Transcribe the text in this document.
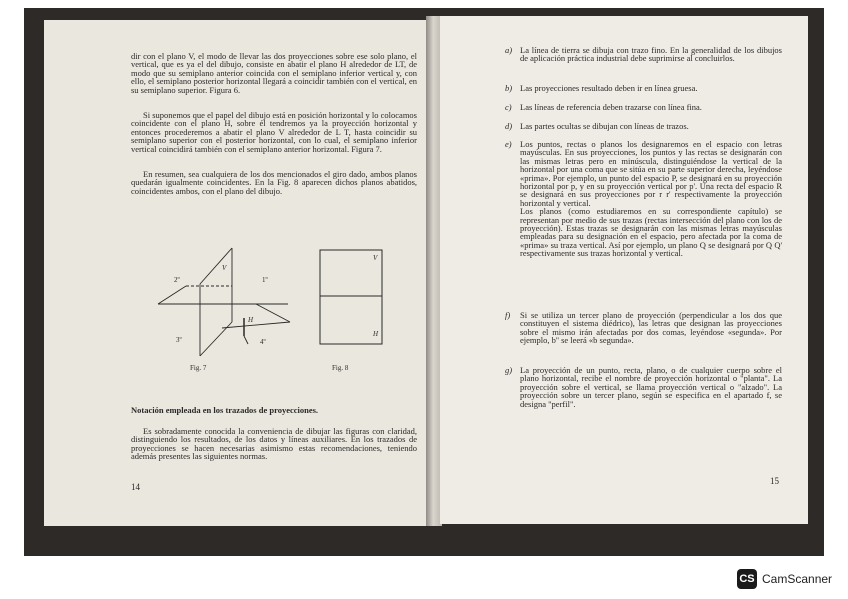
dir con el plano V, el modo de llevar las dos proyecciones sobre ese solo plano, el vertical, que es ya el del dibujo, consiste en abatir el plano H alrededor de LT, de modo que su semiplano anterior coincida con el semiplano inferior vertical y, con ello, el semiplano posterior horizontal llegará a coincidir también con el vertical, en su semiplano superior. Figura 6.

Si suponemos que el papel del dibujo está en posición horizontal y lo colocamos coincidente con el plano H, sobre él tendremos ya la proyección horizontal y entonces procederemos a abatir el plano V alrededor de L T, hasta coincidir su semiplano superior con el posterior horizontal, con lo cual, el semiplano inferior vertical coincidirá también con el semiplano anterior horizontal. Figura 7.

En resumen, sea cualquiera de los dos mencionados el giro dado, ambos planos quedarán igualmente coincidentes. En la Fig. 8 aparecen dichos planos abatidos, coincidentes ambos, con el plano del dibujo.

2º	1º
V
H
3º	4º
Fig. 7
V
H
Fig. 8

Notación empleada en los trazados de proyecciones.

Es sobradamente conocida la conveniencia de dibujar las figuras con claridad, distinguiendo los resultados, de los datos y líneas auxiliares. En los trazados de proyecciones se hacen necesarias asimismo estas recomendaciones, teniendo además presentes las siguientes normas.

14
a) La línea de tierra se dibuja con trazo fino. En la generalidad de los dibujos de aplicación práctica industrial debe suprimirse al concluirlos.
b) Las proyecciones resultado deben ir en línea gruesa.
c) Las líneas de referencia deben trazarse con línea fina.
d) Las partes ocultas se dibujan con líneas de trazos.
e) Los puntos, rectas o planos los designaremos en el espacio con letras mayúsculas. En sus proyecciones, los puntos y las rectas se designarán con las mismas letras pero en minúscula, distinguiéndose la vertical de la horizontal por una coma que se sitúa en su parte superior derecha, leyéndose «prima». Por ejemplo, un punto del espacio P, se designará en su proyección horizontal por p, y en su proyección vertical por p'. Una recta del espacio R se designará en sus proyecciones por r r' respectivamente la proyección horizontal y vertical.
Los planos (como estudiaremos en su correspondiente capítulo) se representan por medio de sus trazas (rectas intersección del plano con los de proyección). Estas trazas se designarán con las mismas letras mayúsculas empleadas para su designación en el espacio, pero afectada por la coma de «prima» su traza vertical. Así por ejemplo, un plano Q se designará por Q Q' respectivamente sus trazas horizontal y vertical.
f) Si se utiliza un tercer plano de proyección (perpendicular a los dos que constituyen el sistema diédrico), las letras que designan las proyecciones sobre el mismo irán afectadas por dos comas, leyéndose «segunda». Por ejemplo, b'' se leerá «b segunda».
g) La proyección de un punto, recta, plano, o de cualquier cuerpo sobre el plano horizontal, recibe el nombre de proyección horizontal o "planta". La proyección sobre el vertical, se llama proyección vertical o "alzado". La proyección sobre un tercer plano, según se especifica en el apartado f, se designa "perfil".
15
CS CamScanner
